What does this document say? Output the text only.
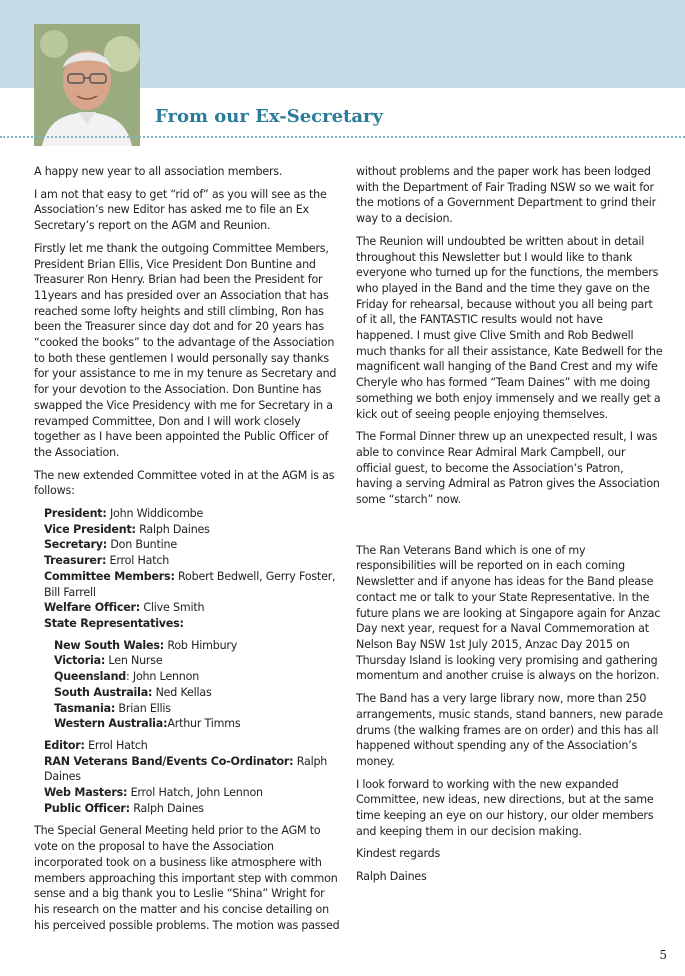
From our Ex-Secretary

A happy new year to all association members.

I am not that easy to get “rid of” as you will see as the Association’s new Editor has asked me to file an Ex Secretary’s report on the AGM and Reunion.

Firstly let me thank the outgoing Committee Members, President Brian Ellis, Vice President Don Buntine and Treasurer Ron Henry. Brian had been the President for 11years and has presided over an Association that has reached some lofty heights and still climbing, Ron has been the Treasurer since day dot and for 20 years has “cooked the books” to the advantage of the Association to both these gentlemen I would personally say thanks for your assistance to me in my tenure as Secretary and for your devotion to the Association. Don Buntine has swapped the Vice Presidency with me for Secretary in a revamped Committee, Don and I will work closely together as I have been appointed the Public Officer of the Association.

The new extended Committee voted in at the AGM is as follows:

President: John Widdicombe
Vice President: Ralph Daines
Secretary: Don Buntine
Treasurer: Errol Hatch
Committee Members: Robert Bedwell, Gerry Foster, Bill Farrell
Welfare Officer: Clive Smith
State Representatives:
New South Wales: Rob Himbury
Victoria: Len Nurse
Queensland: John Lennon
South Austraila: Ned Kellas
Tasmania: Brian Ellis
Western Australia:Arthur Timms
Editor: Errol Hatch
RAN Veterans Band/Events Co-Ordinator: Ralph Daines
Web Masters: Errol Hatch, John Lennon
Public Officer: Ralph Daines

The Special General Meeting held prior to the AGM to vote on the proposal to have the Association incorporated took on a business like atmosphere with members approaching this important step with common sense and a big thank you to Leslie “Shina” Wright for his research on the matter and his concise detailing on his perceived possible problems. The motion was passed

without problems and the paper work has been lodged with the Department of Fair Trading NSW so we wait for the motions of a Government Department to grind their way to a decision.

The Reunion will undoubted be written about in detail throughout this Newsletter but I would like to thank everyone who turned up for the functions, the members who played in the Band and the time they gave on the Friday for rehearsal, because without you all being part of it all, the FANTASTIC results would not have happened. I must give Clive Smith and Rob Bedwell much thanks for all their assistance, Kate Bedwell for the magnificent wall hanging of the Band Crest and my wife Cheryle who has formed “Team Daines” with me doing something we both enjoy immensely and we really get a kick out of seeing people enjoying themselves.

The Formal Dinner threw up an unexpected result, I was able to convince Rear Admiral Mark Campbell, our official guest, to become the Association’s Patron, having a serving Admiral as Patron gives the Association some “starch” now.

The Ran Veterans Band which is one of my responsibilities will be reported on in each coming Newsletter and if anyone has ideas for the Band please contact me or talk to your State Representative. In the future plans we are looking at Singapore again for Anzac Day next year, request for a Naval Commemoration at Nelson Bay NSW 1st July 2015, Anzac Day 2015 on Thursday Island is looking very promising and gathering momentum and another cruise is always on the horizon.

The Band has a very large library now, more than 250 arrangements, music stands, stand banners, new parade drums (the walking frames are on order) and this has all happened without spending any of the Association’s money.

I look forward to working with the new expanded Committee, new ideas, new directions, but at the same time keeping an eye on our history, our older members and keeping them in our decision making.

Kindest regards

Ralph Daines

5
